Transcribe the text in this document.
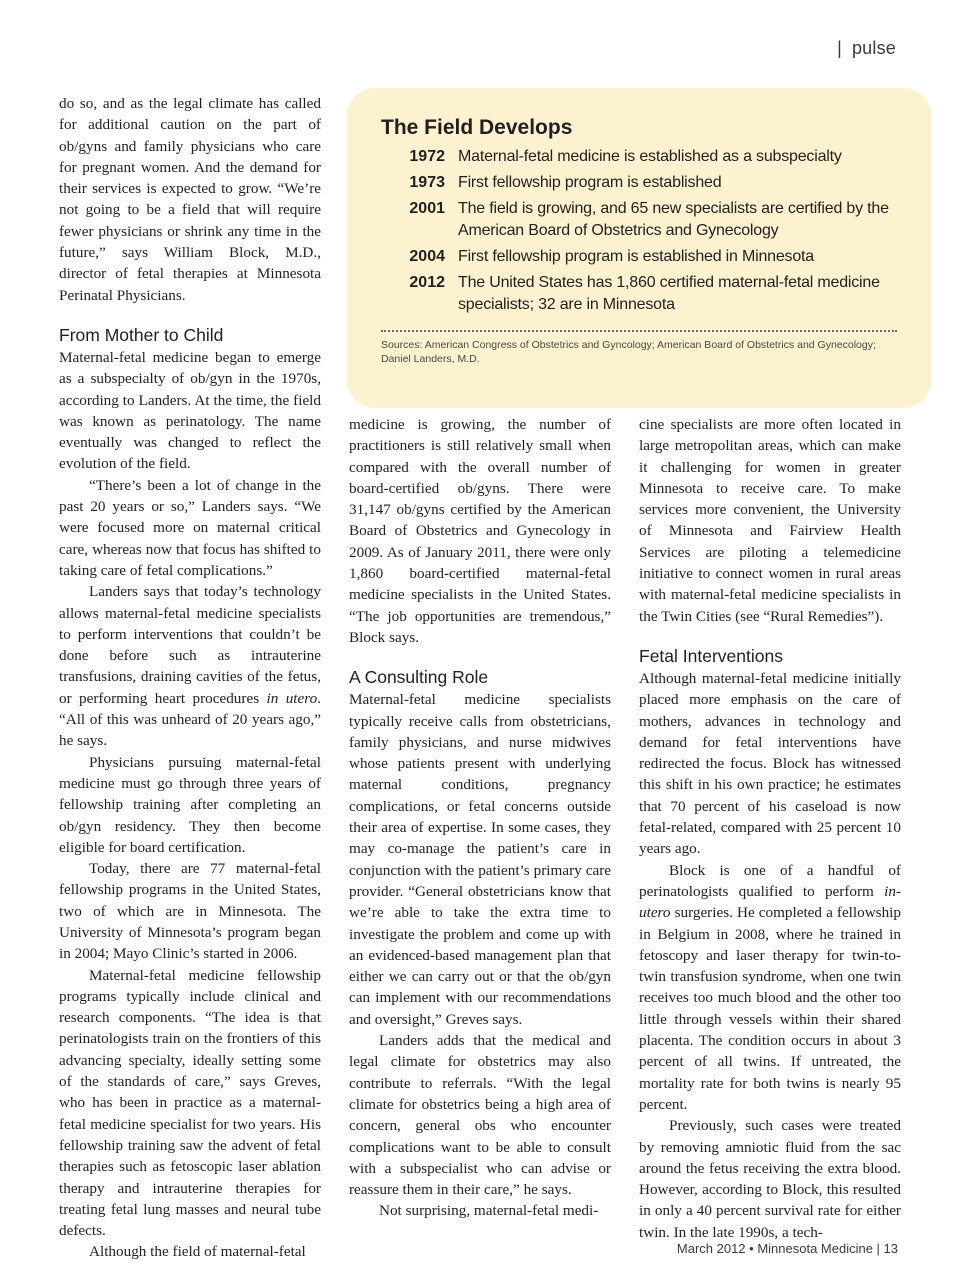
| pulse

do so, and as the legal climate has called for additional caution on the part of ob/gyns and family physicians who care for pregnant women. And the demand for their services is expected to grow. “We’re not going to be a field that will require fewer physicians or shrink any time in the future,” says William Block, M.D., director of fetal therapies at Minnesota Perinatal Physicians.

From Mother to Child

Maternal-fetal medicine began to emerge as a subspecialty of ob/gyn in the 1970s, according to Landers. At the time, the field was known as perinatology. The name eventually was changed to reflect the evolution of the field.

“There’s been a lot of change in the past 20 years or so,” Landers says. “We were focused more on maternal critical care, whereas now that focus has shifted to taking care of fetal complications.”

Landers says that today’s technology allows maternal-fetal medicine specialists to perform interventions that couldn’t be done before such as intrauterine transfusions, draining cavities of the fetus, or performing heart procedures in utero. “All of this was unheard of 20 years ago,” he says.

Physicians pursuing maternal-fetal medicine must go through three years of fellowship training after completing an ob/gyn residency. They then become eligible for board certification.

Today, there are 77 maternal-fetal fellowship programs in the United States, two of which are in Minnesota. The University of Minnesota’s program began in 2004; Mayo Clinic’s started in 2006.

Maternal-fetal medicine fellowship programs typically include clinical and research components. “The idea is that perinatologists train on the frontiers of this advancing specialty, ideally setting some of the standards of care,” says Greves, who has been in practice as a maternal-fetal medicine specialist for two years. His fellowship training saw the advent of fetal therapies such as fetoscopic laser ablation therapy and intrauterine therapies for treating fetal lung masses and neural tube defects.

Although the field of maternal-fetal

The Field Develops
1972 Maternal-fetal medicine is established as a subspecialty
1973 First fellowship program is established
2001 The field is growing, and 65 new specialists are certified by the American Board of Obstetrics and Gynecology
2004 First fellowship program is established in Minnesota
2012 The United States has 1,860 certified maternal-fetal medicine specialists; 32 are in Minnesota
Sources: American Congress of Obstetrics and Gyncology; American Board of Obstetrics and Gynecology; Daniel Landers, M.D.

medicine is growing, the number of practitioners is still relatively small when compared with the overall number of board-certified ob/gyns. There were 31,147 ob/gyns certified by the American Board of Obstetrics and Gynecology in 2009. As of January 2011, there were only 1,860 board-certified maternal-fetal medicine specialists in the United States. “The job opportunities are tremendous,” Block says.

A Consulting Role

Maternal-fetal medicine specialists typically receive calls from obstetricians, family physicians, and nurse midwives whose patients present with underlying maternal conditions, pregnancy complications, or fetal concerns outside their area of expertise. In some cases, they may co-manage the patient’s care in conjunction with the patient’s primary care provider. “General obstetricians know that we’re able to take the extra time to investigate the problem and come up with an evidenced-based management plan that either we can carry out or that the ob/gyn can implement with our recommendations and oversight,” Greves says.

Landers adds that the medical and legal climate for obstetrics may also contribute to referrals. “With the legal climate for obstetrics being a high area of concern, general obs who encounter complications want to be able to consult with a subspecialist who can advise or reassure them in their care,” he says.

Not surprising, maternal-fetal medi-

cine specialists are more often located in large metropolitan areas, which can make it challenging for women in greater Minnesota to receive care. To make services more convenient, the University of Minnesota and Fairview Health Services are piloting a telemedicine initiative to connect women in rural areas with maternal-fetal medicine specialists in the Twin Cities (see “Rural Remedies”).

Fetal Interventions

Although maternal-fetal medicine initially placed more emphasis on the care of mothers, advances in technology and demand for fetal interventions have redirected the focus. Block has witnessed this shift in his own practice; he estimates that 70 percent of his caseload is now fetal-related, compared with 25 percent 10 years ago.

Block is one of a handful of perinatologists qualified to perform in-utero surgeries. He completed a fellowship in Belgium in 2008, where he trained in fetoscopy and laser therapy for twin-to-twin transfusion syndrome, when one twin receives too much blood and the other too little through vessels within their shared placenta. The condition occurs in about 3 percent of all twins. If untreated, the mortality rate for both twins is nearly 95 percent.

Previously, such cases were treated by removing amniotic fluid from the sac around the fetus receiving the extra blood. However, according to Block, this resulted in only a 40 percent survival rate for either twin. In the late 1990s, a tech-

March 2012 • Minnesota Medicine | 13
